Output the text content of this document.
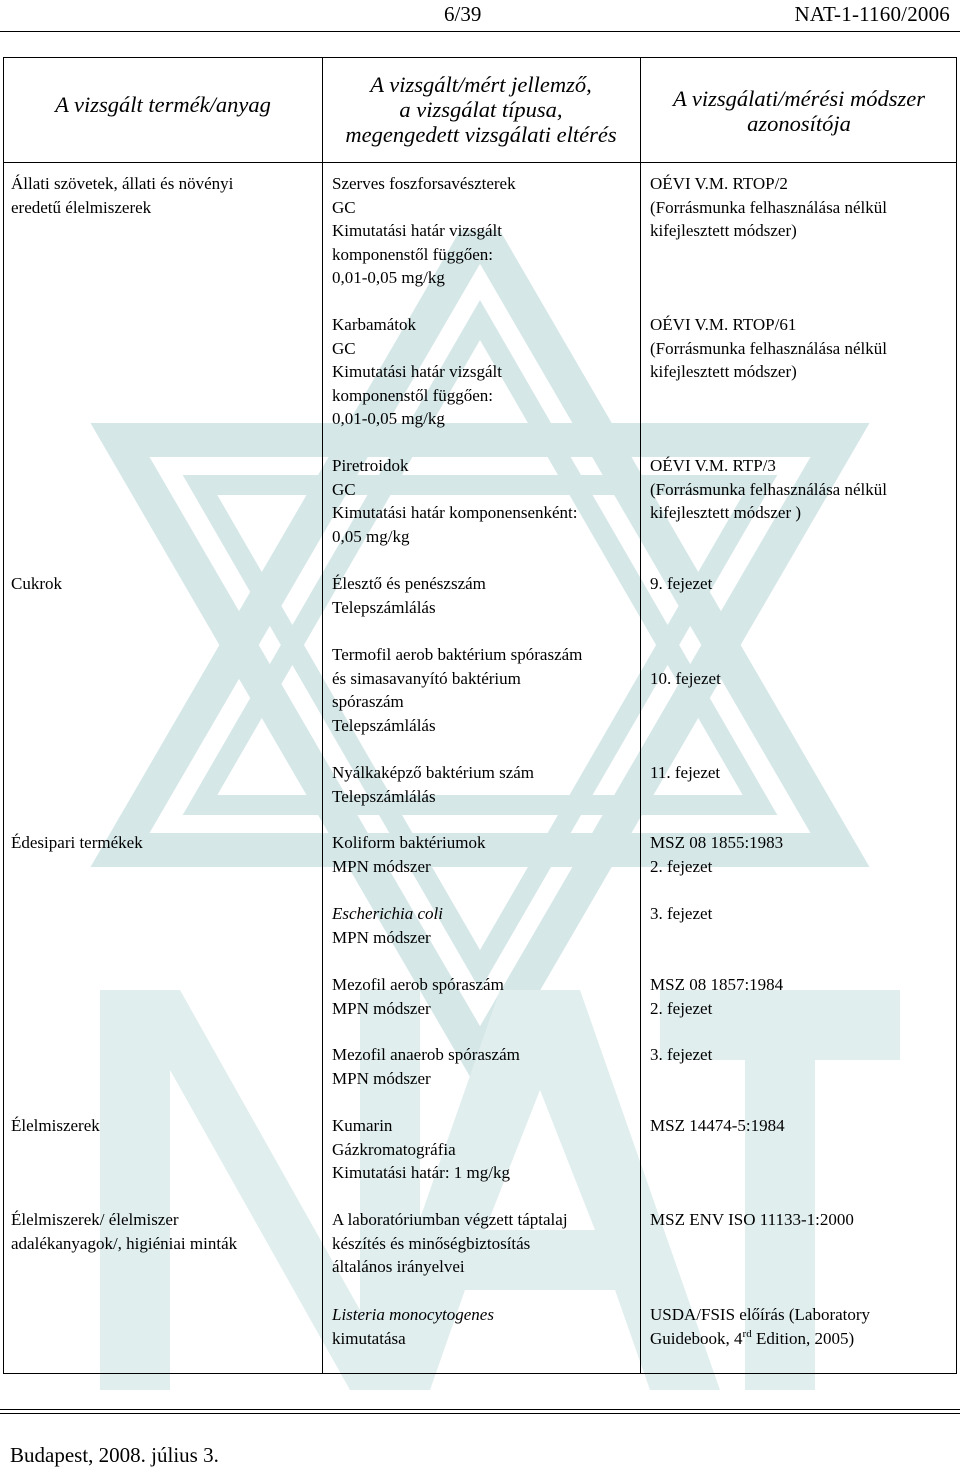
6/39	NAT-1-1160/2006
A vizsgált termék/anyag
A vizsgált/mért jellemző,
a vizsgálat típusa,
megengedett vizsgálati eltérés
A vizsgálati/mérési módszer
azonosítója
Állati szövetek, állati és növényi
eredetű élelmiszerek
Cukrok
Édesipari termékek
Élelmiszerek
Élelmiszerek/ élelmiszer
adalékanyagok/, higiéniai minták
Szerves foszforsavészterek
GC
Kimutatási határ vizsgált
komponenstől függően:
0,01-0,05 mg/kg
Karbamátok
GC
Kimutatási határ vizsgált
komponenstől függően:
0,01-0,05 mg/kg
Piretroidok
GC
Kimutatási határ komponensenként:
0,05 mg/kg
Élesztő és penészszám
Telepszámlálás
Termofil aerob baktérium spóraszám
és simasavanyító baktérium
spóraszám
Telepszámlálás
Nyálkaképző baktérium szám
Telepszámlálás
Koliform baktériumok
MPN módszer
Escherichia coli
MPN módszer
Mezofil aerob spóraszám
MPN módszer
Mezofil anaerob spóraszám
MPN módszer
Kumarin
Gázkromatográfia
Kimutatási határ: 1 mg/kg
A laboratóriumban végzett táptalaj
készítés és minőségbiztosítás
általános irányelvei
Listeria monocytogenes
kimutatása
OÉVI V.M. RTOP/2
(Forrásmunka felhasználása nélkül
kifejlesztett módszer)
OÉVI V.M. RTOP/61
(Forrásmunka felhasználása nélkül
kifejlesztett módszer)
OÉVI V.M. RTP/3
(Forrásmunka felhasználása nélkül
kifejlesztett módszer )
9. fejezet
10. fejezet
11. fejezet
MSZ 08 1855:1983
2. fejezet
3. fejezet
MSZ 08 1857:1984
2. fejezet
3. fejezet
MSZ 14474-5:1984
MSZ ENV ISO 11133-1:2000
USDA/FSIS előírás (Laboratory
Guidebook, 4rd Edition, 2005)
Budapest, 2008. július 3.
